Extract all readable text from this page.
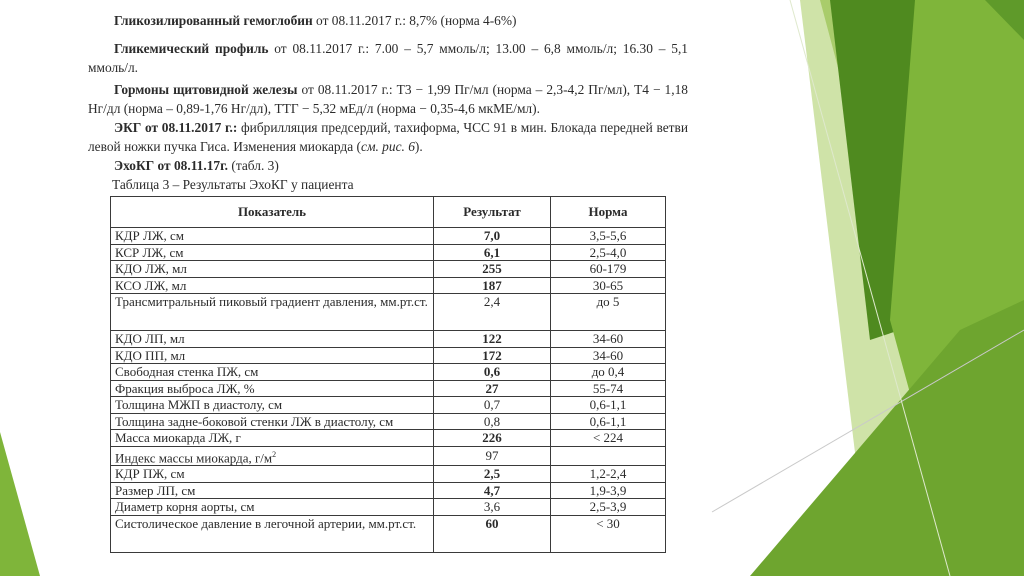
Гликозилированный гемоглобин от 08.11.2017 г.: 8,7% (норма 4-6%)
Гликемический профиль от 08.11.2017 г.: 7.00 – 5,7 ммоль/л; 13.00 – 6,8 ммоль/л; 16.30 – 5,1 ммоль/л.
Гормоны щитовидной железы от 08.11.2017 г.: Т3 − 1,99 Пг/мл (норма – 2,3-4,2 Пг/мл), Т4 − 1,18 Нг/дл (норма – 0,89-1,76 Нг/дл), ТТГ − 5,32 мЕд/л (норма − 0,35-4,6 мкМЕ/мл).
ЭКГ от 08.11.2017 г.: фибрилляция предсердий, тахиформа, ЧСС 91 в мин. Блокада передней ветви левой ножки пучка Гиса. Изменения миокарда (см. рис. 6).
ЭхоКГ от 08.11.17г. (табл. 3)
Таблица 3 – Результаты ЭхоКГ у пациента
Показатель	Результат	Норма
КДР ЛЖ, см	7,0	3,5-5,6
КСР ЛЖ, см	6,1	2,5-4,0
КДО ЛЖ, мл	255	60-179
КСО ЛЖ, мл	187	30-65
Трансмитральный пиковый градиент давления, мм.рт.ст.	2,4	до 5
КДО ЛП, мл	122	34-60
КДО ПП, мл	172	34-60
Свободная стенка ПЖ, см	0,6	до 0,4
Фракция выброса ЛЖ, %	27	55-74
Толщина МЖП в диастолу, см	0,7	0,6-1,1
Толщина задне-боковой стенки ЛЖ в диастолу, см	0,8	0,6-1,1
Масса миокарда ЛЖ, г	226	< 224
Индекс массы миокарда, $г/м^2$	97	
КДР ПЖ, см	2,5	1,2-2,4
Размер ЛП, см	4,7	1,9-3,9
Диаметр корня аорты, см	3,6	2,5-3,9
Систолическое давление в легочной артерии, мм.рт.ст.	60	< 30
